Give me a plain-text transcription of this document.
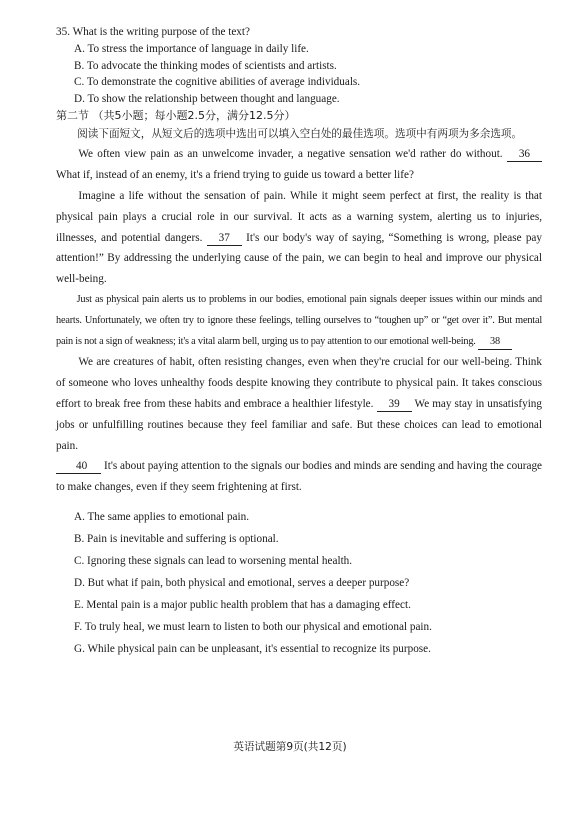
35. What is the writing purpose of the text?

A. To stress the importance of language in daily life.

B. To advocate the thinking modes of scientists and artists.

C. To demonstrate the cognitive abilities of average individuals.

D. To show the relationship between thought and language.

第二节 （共5小题；每小题2.5分，满分12.5分）

阅读下面短文，从短文后的选项中选出可以填入空白处的最佳选项。选项中有两项为多余选项。

We often view pain as an unwelcome invader, a negative sensation we'd rather do without. 36 What if, instead of an enemy, it's a friend trying to guide us toward a better life?

Imagine a life without the sensation of pain. While it might seem perfect at first, the reality is that physical pain plays a crucial role in our survival. It acts as a warning system, alerting us to injuries, illnesses, and potential dangers. 37 It's our body's way of saying, “Something is wrong, please pay attention!” By addressing the underlying cause of the pain, we can begin to heal and improve our physical well-being.

Just as physical pain alerts us to problems in our bodies, emotional pain signals deeper issues within our minds and hearts. Unfortunately, we often try to ignore these feelings, telling ourselves to “toughen up” or “get over it”. But mental pain is not a sign of weakness; it's a vital alarm bell, urging us to pay attention to our emotional well-being. 38

We are creatures of habit, often resisting changes, even when they're crucial for our well-being. Think of someone who loves unhealthy foods despite knowing they contribute to physical pain. It takes conscious effort to break free from these habits and embrace a healthier lifestyle. 39 We may stay in unsatisfying jobs or unfulfilling routines because they feel familiar and safe. But these choices can lead to emotional pain.

40 It's about paying attention to the signals our bodies and minds are sending and having the courage to make changes, even if they seem frightening at first.

A. The same applies to emotional pain.

B. Pain is inevitable and suffering is optional.

C. Ignoring these signals can lead to worsening mental health.

D. But what if pain, both physical and emotional, serves a deeper purpose?

E. Mental pain is a major public health problem that has a damaging effect.

F. To truly heal, we must learn to listen to both our physical and emotional pain.

G. While physical pain can be unpleasant, it's essential to recognize its purpose.

英语试题第9页(共12页)
